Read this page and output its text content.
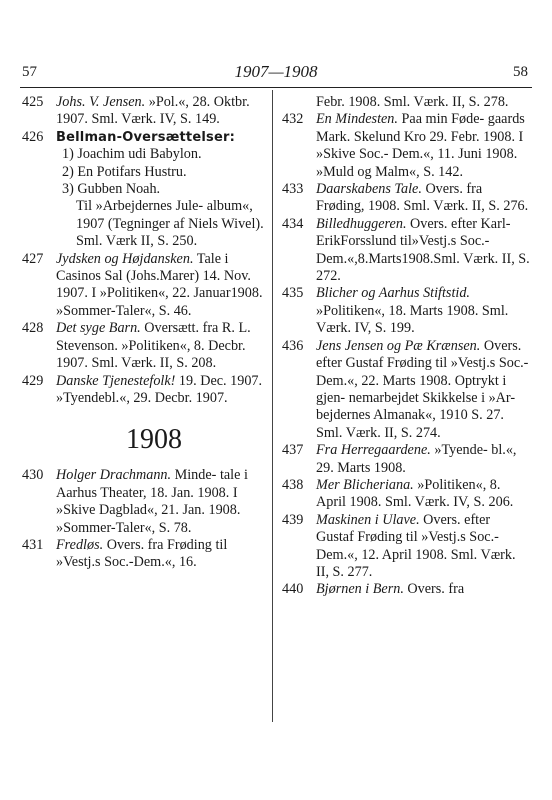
57	1907—1908	58
425 Johs. V. Jensen. »Pol.«, 28. Oktbr. 1907. Sml. Værk. IV, S. 149.
426 Bellman-Oversættelser:
1) Joachim udi Babylon.
2) En Potifars Hustru.
3) Gubben Noah.
Til »Arbejdernes Jule- album«, 1907 (Tegninger af Niels Wivel). Sml. Værk II, S. 250.
427 Jydsken og Højdansken. Tale i Casinos Sal (Johs.Marer) 14. Nov. 1907. I »Politiken«, 22. Januar1908. »Sommer-Taler«, S. 46.
428 Det syge Barn. Oversætt. fra R. L. Stevenson. »Politiken«, 8. Decbr. 1907. Sml. Værk. II, S. 208.
429 Danske Tjenestefolk! 19. Dec. 1907. »Tyendebl.«, 29. Decbr. 1907.
1908
430 Holger Drachmann. Minde- tale i Aarhus Theater, 18. Jan. 1908. I »Skive Dagblad«, 21. Jan. 1908. »Sommer-Taler«, S. 78.
431 Fredløs. Overs. fra Frøding til »Vestj.s Soc.-Dem.«, 16.
Febr. 1908. Sml. Værk. II, S. 278.
432 En Mindesten. Paa min Føde- gaards Mark. Skelund Kro 29. Febr. 1908. I »Skive Soc.- Dem.«, 11. Juni 1908. »Muld og Malm«, S. 142.
433 Daarskabens Tale. Overs. fra Frøding, 1908. Sml. Værk. II, S. 276.
434 Billedhuggeren. Overs. efter Karl-ErikForsslund til»Vestj.s Soc.-Dem.«,8.Marts1908.Sml. Værk. II, S. 272.
435 Blicher og Aarhus Stiftstid. »Politiken«, 18. Marts 1908. Sml. Værk. IV, S. 199.
436 Jens Jensen og Pæ Krænsen. Overs. efter Gustaf Frøding til »Vestj.s Soc.-Dem.«, 22. Marts 1908. Optrykt i gjen- nemarbejdet Skikkelse i »Ar- bejdernes Almanak«, 1910 S. 27. Sml. Værk. II, S. 274.
437 Fra Herregaardene. »Tyende- bl.«, 29. Marts 1908.
438 Mer Blicheriana. »Politiken«, 8. April 1908. Sml. Værk. IV, S. 206.
439 Maskinen i Ulave. Overs. efter Gustaf Frøding til »Vestj.s Soc.-Dem.«, 12. April 1908. Sml. Værk. II, S. 277.
440 Bjørnen i Bern. Overs. fra
